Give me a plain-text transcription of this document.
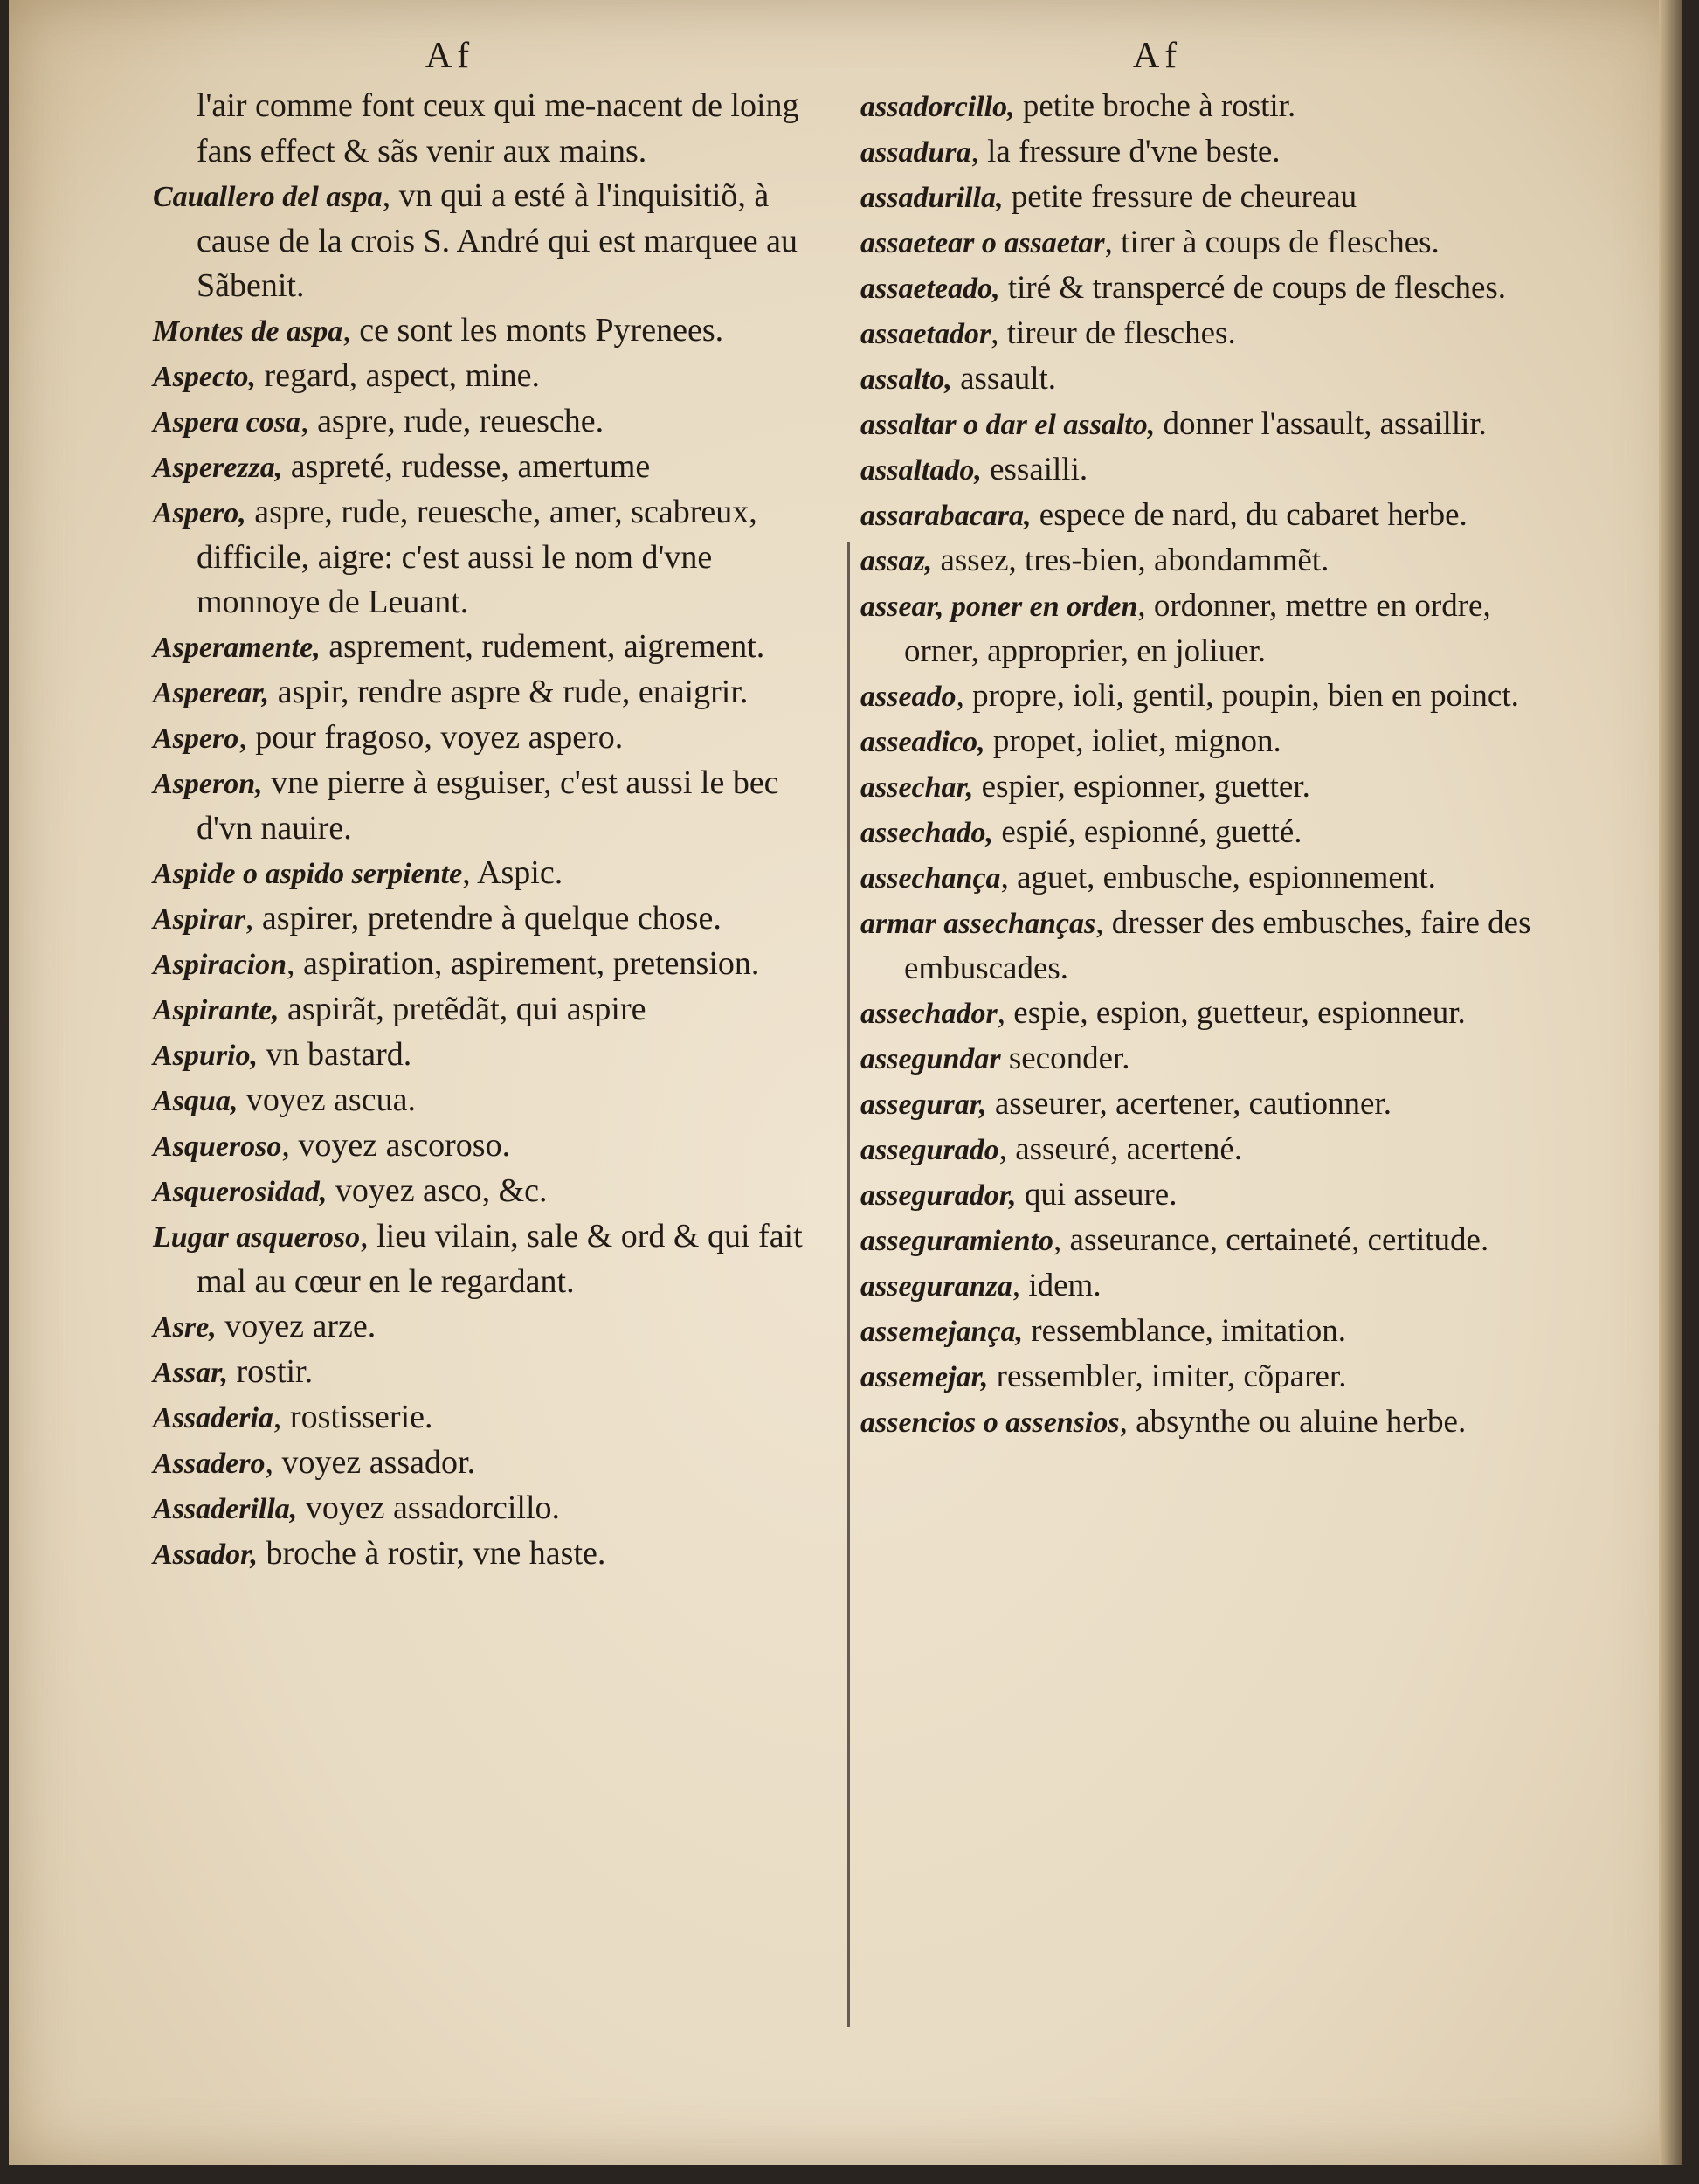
Af
l'air comme font ceux qui me-nacent de loing fans effect & sãs venir aux mains.
Cauallero del aspa, vn qui a esté à l'inquisitiõ, à cause de la crois S. André qui est marquee au Sãbenit.
Montes de aspa, ce sont les monts Pyrenees.
Aspecto, regard, aspect, mine.
Aspera cosa, aspre, rude, reuesche.
Asperezza, aspreté, rudesse, amertume
Aspero, aspre, rude, reuesche, amer, scabreux, difficile, aigre: c'est aussi le nom d'vne monnoye de Leuant.
Asperamente, asprement, rudement, aigrement.
Asperear, aspir, rendre aspre & rude, enaigrir.
Aspero, pour fragoso, voyez aspero.
Asperon, vne pierre à esguiser, c'est aussi le bec d'vn nauire.
Aspide o aspido serpiente, Aspic.
Aspirar, aspirer, pretendre à quelque chose.
Aspiracion, aspiration, aspirement, pretension.
Aspirante, aspirãt, pretẽdãt, qui aspire
Aspurio, vn bastard.
Asqua, voyez ascua.
Asqueroso, voyez ascoroso.
Asquerosidad, voyez asco, &c.
Lugar asqueroso, lieu vilain, sale & ord & qui fait mal au cœur en le regardant.
Asre, voyez arze.
Assar, rostir.
Assaderia, rostisserie.
Assadero, voyez assador.
Assaderilla, voyez assadorcillo.
Assador, broche à rostir, vne haste.
Af
assadorcillo, petite broche à rostir.
assadura, la fressure d'vne beste.
assadurilla, petite fressure de cheureau
assaetear o assaetar, tirer à coups de flesches.
assaeteado, tiré & transpercé de coups de flesches.
assaetador, tireur de flesches.
assalto, assault.
assaltar o dar el assalto, donner l'assault, assaillir.
assaltado, essailli.
assarabacara, espece de nard, du cabaret herbe.
assaz, assez, tres-bien, abondammẽt.
assear, poner en orden, ordonner, mettre en ordre, orner, approprier, en joliuer.
asseado, propre, ioli, gentil, poupin, bien en poinct.
asseadico, propet, ioliet, mignon.
assechar, espier, espionner, guetter.
assechado, espié, espionné, guetté.
assechança, aguet, embusche, espionnement.
armar assechanças, dresser des embusches, faire des embuscades.
assechador, espie, espion, guetteur, espionneur.
assegundar seconder.
assegurar, asseurer, acertener, cautionner.
assegurado, asseuré, acertené.
assegurador, qui asseure.
asseguramiento, asseurance, certaineté, certitude.
asseguranza, idem.
assemejança, ressemblance, imitation.
assemejar, ressembler, imiter, cõparer.
assencios o assensios, absynthe ou aluine herbe.
